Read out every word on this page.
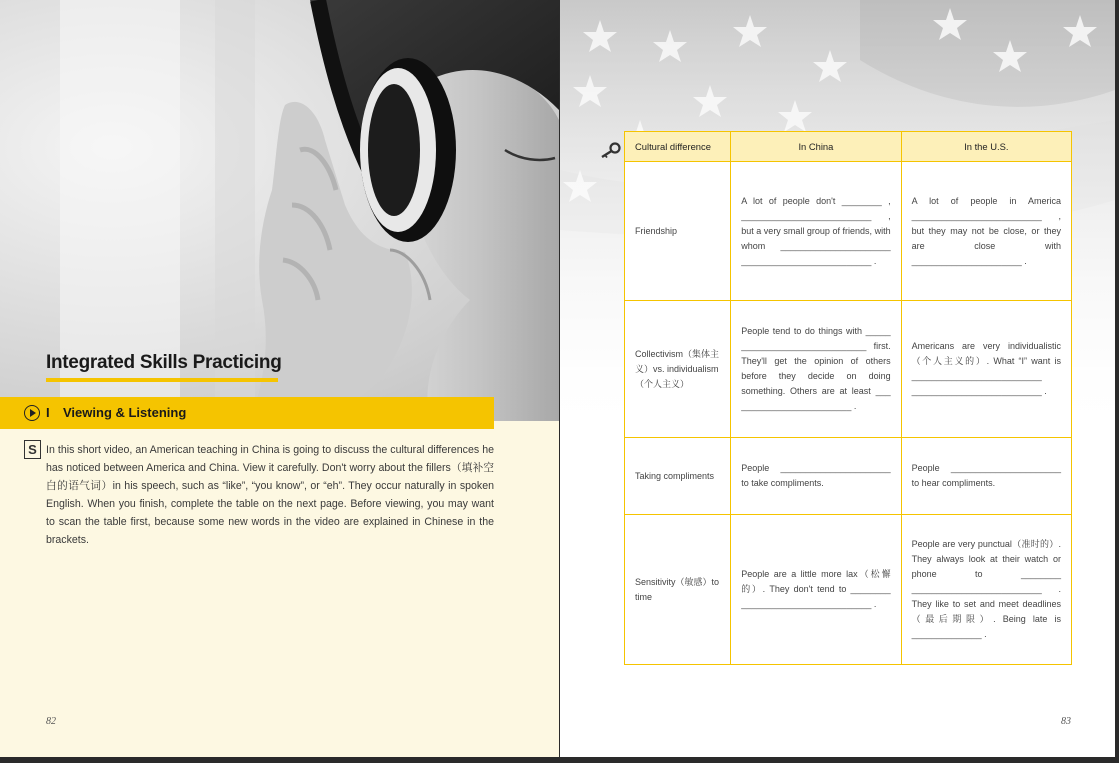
Integrated Skills Practicing
I Viewing & Listening
S In this short video, an American teaching in China is going to discuss the cultural differences he has noticed between America and China. View it carefully. Don't worry about the fillers（填补空白的语气词）in his speech, such as “like”, “you know”, or “eh”. They occur naturally in spoken English. When you finish, complete the table on the next page. Before viewing, you may want to scan the table first, because some new words in the video are explained in Chinese in the brackets.
82
Cultural difference	In China	In the U.S.
Friendship	A lot of people don't ________ , __________________________ , but a very small group of friends, with whom ______________________ __________________________ .	A lot of people in America __________________________ , but they may not be close, or they are close with ______________________ .
Collectivism（集体主义）vs. individualism（个人主义）	People tend to do things with _____ _________________________ first. They'll get the opinion of others before they decide on doing something. Others are at least ___ ______________________ .	Americans are very individualistic（个人主义的）. What “I” want is __________________________ __________________________ .
Taking compliments	People ______________________ to take compliments.	People ______________________ to hear compliments.
Sensitivity（敏感）to time	People are a little more lax（松懈的）. They don't tend to ________ __________________________ .	People are very punctual（准时的）. They always look at their watch or phone to ________ __________________________ . They like to set and meet deadlines（最后期限）. Being late is ______________ .
83
